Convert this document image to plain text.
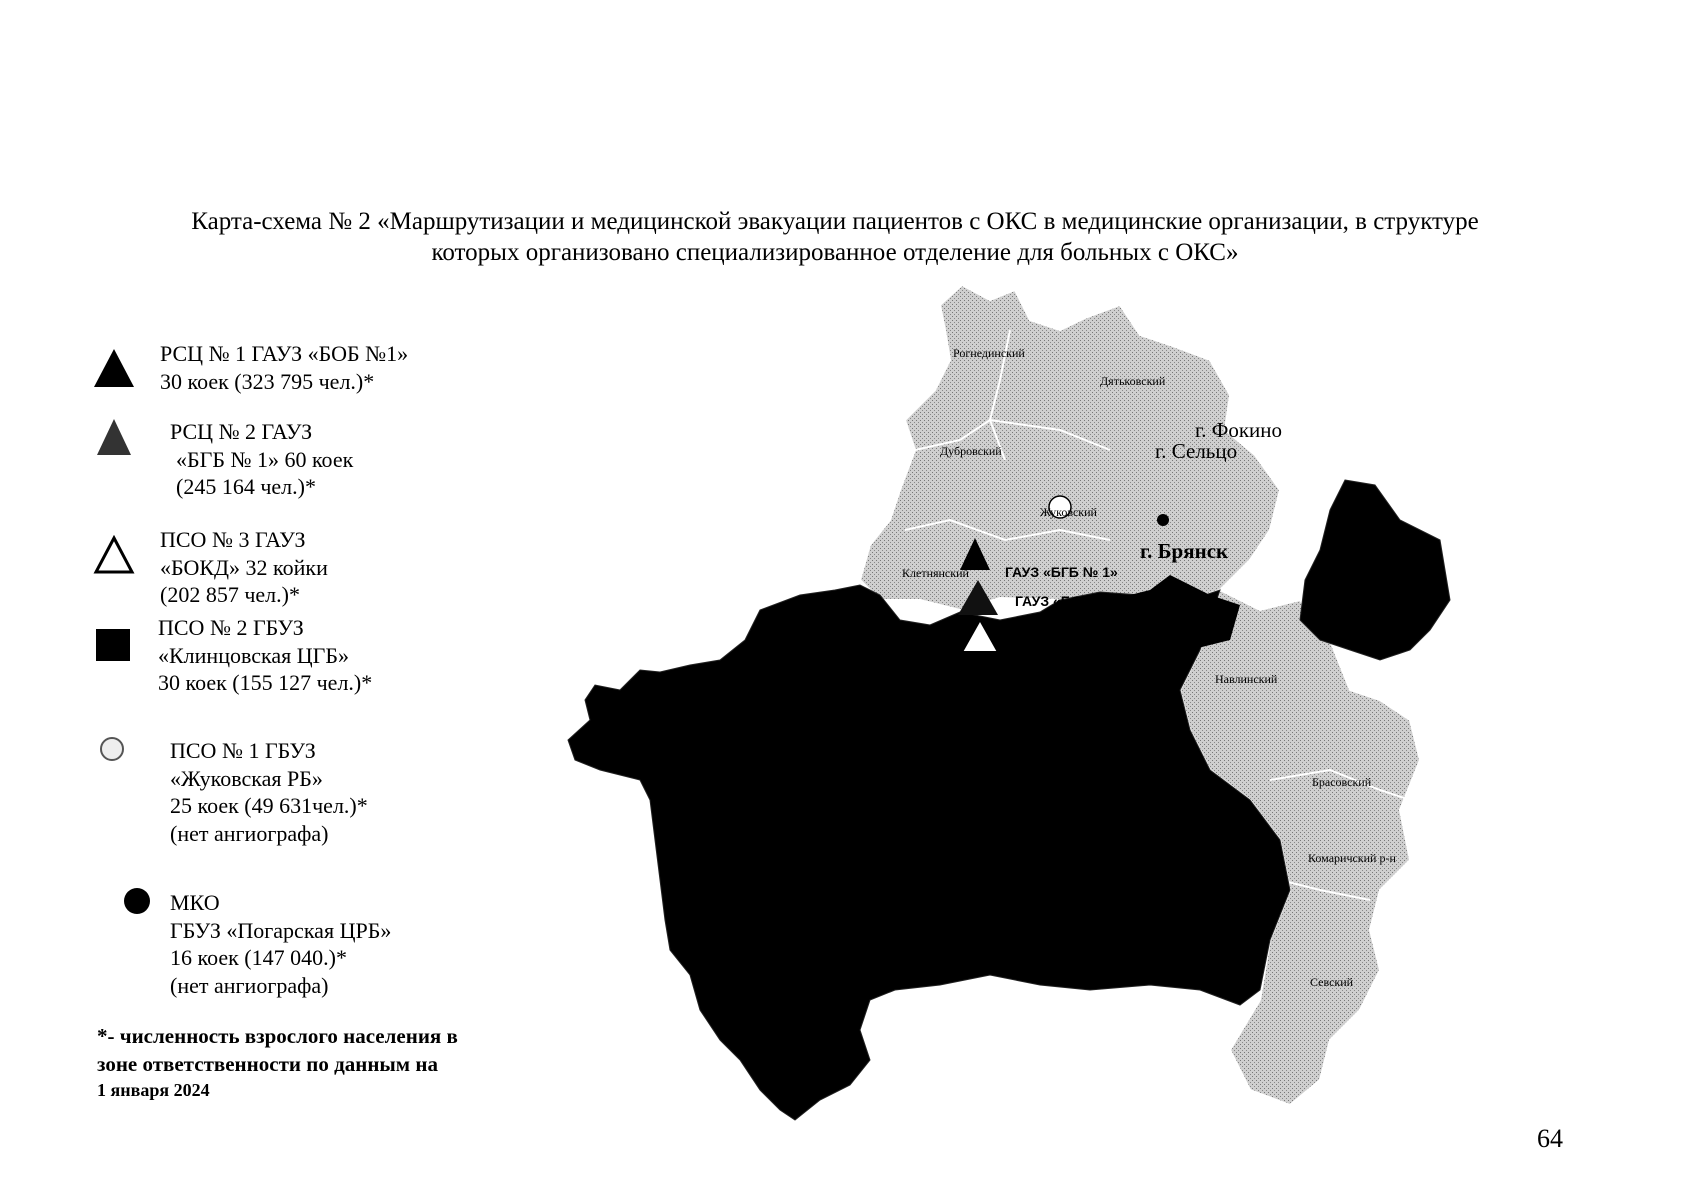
Карта-схема № 2 «Маршрутизации и медицинской эвакуации пациентов с ОКС в медицинские организации, в структуре
которых организовано специализированное отделение для больных с ОКС»
РСЦ № 1 ГАУЗ «БОБ №1»
30 коек (323 795 чел.)*
РСЦ № 2 ГАУЗ
«БГБ № 1» 60 коек
(245 164 чел.)*
ПСО № 3 ГАУЗ
«БОКД» 32 койки
(202 857 чел.)*
ПСО № 2 ГБУЗ
«Клинцовская ЦГБ»
30 коек (155 127 чел.)*
ПСО № 1 ГБУЗ
«Жуковская РБ»
25 коек (49 631чел.)*
(нет ангиографа)
МКО
ГБУЗ «Погарская ЦРБ»
16 коек (147 040.)*
(нет ангиографа)
*- численность взрослого населения в
зоне ответственности по данным на
1 января 2024
Рогнединский
Дятьковский
Дубровский
Жуковский
Клетнянский
Навлинский
Брасовский
Комаричский р-н
Севский
г. Фокино
г. Сельцо
г. Брянск
ГАУЗ «БГБ № 1»
ГАУЗ «БОБ № 1»
ГАУЗ «БОКД»
64
